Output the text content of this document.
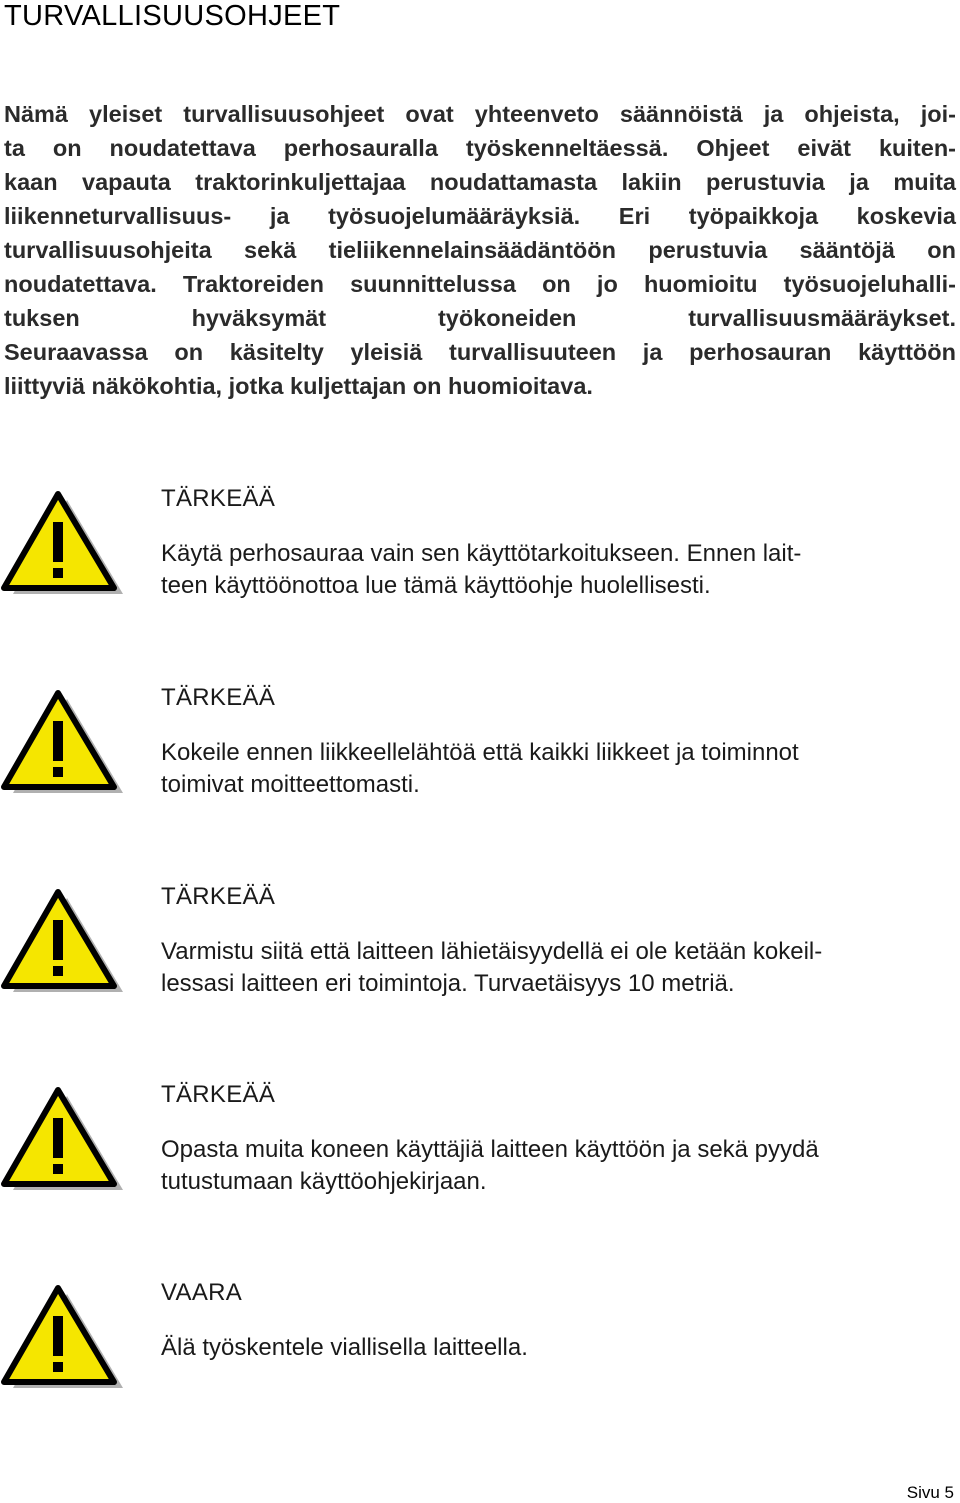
TURVALLISUUSOHJEET
Nämä yleiset turvallisuusohjeet ovat yhteenveto säännöistä ja ohjeista, joi-
ta on noudatettava perhosauralla työskenneltäessä. Ohjeet eivät kuiten-
kaan vapauta traktorinkuljettajaa noudattamasta lakiin perustuvia ja muita
liikenneturvallisuus- ja työsuojelumääräyksiä. Eri työpaikkoja koskevia
turvallisuusohjeita sekä tieliikennelainsäädäntöön perustuvia sääntöjä on
noudatettava. Traktoreiden suunnittelussa on jo huomioitu työsuojeluhalli-
tuksen hyväksymät työkoneiden turvallisuusmääräykset.
Seuraavassa on käsitelty yleisiä turvallisuuteen ja perhosauran käyttöön
liittyviä näkökohtia, jotka kuljettajan on huomioitava.
TÄRKEÄÄ
Käytä perhosauraa vain sen käyttötarkoitukseen. Ennen lait-
teen käyttöönottoa lue tämä käyttöohje huolellisesti.
TÄRKEÄÄ
Kokeile ennen liikkeellelähtöä että kaikki liikkeet ja toiminnot
toimivat moitteettomasti.
TÄRKEÄÄ
Varmistu siitä että laitteen lähietäisyydellä ei ole ketään kokeil-
lessasi laitteen eri toimintoja. Turvaetäisyys 10 metriä.
TÄRKEÄÄ
Opasta muita koneen käyttäjiä laitteen käyttöön ja sekä pyydä
tutustumaan käyttöohjekirjaan.
VAARA
Älä työskentele viallisella laitteella.
Sivu 5
